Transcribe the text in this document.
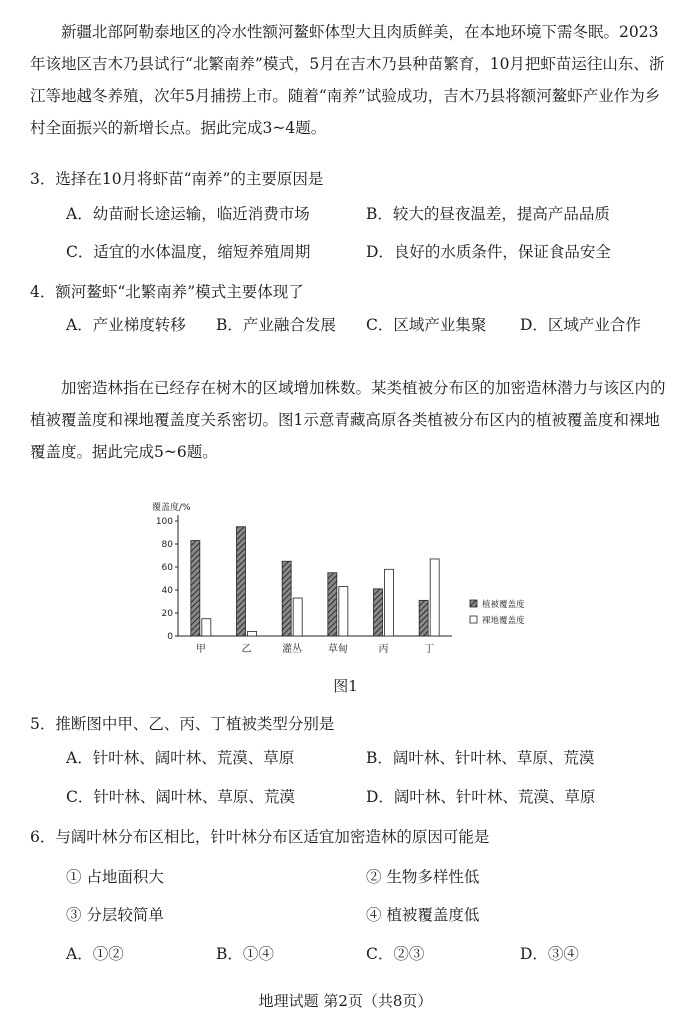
新疆北部阿勒泰地区的冷水性额河鳌虾体型大且肉质鲜美，在本地环境下需冬眠。2023年该地区吉木乃县试行“北繁南养”模式，5月在吉木乃县种苗繁育，10月把虾苗运往山东、浙江等地越冬养殖，次年5月捕捞上市。随着“南养”试验成功，吉木乃县将额河鳌虾产业作为乡村全面振兴的新增长点。据此完成3~4题。

3．选择在10月将虾苗“南养”的主要原因是
A．幼苗耐长途运输，临近消费市场	B．较大的昼夜温差，提高产品品质
C．适宜的水体温度，缩短养殖周期	D．良好的水质条件，保证食品安全
4．额河鳌虾“北繁南养”模式主要体现了
A．产业梯度转移 B．产业融合发展 C．区域产业集聚 D．区域产业合作

加密造林指在已经存在树木的区域增加株数。某类植被分布区的加密造林潜力与该区内的植被覆盖度和裸地覆盖度关系密切。图1示意青藏高原各类植被分布区内的植被覆盖度和裸地覆盖度。据此完成5~6题。

覆盖度/%
0
20
40
60
80
100
甲	乙	灌丛	草甸	丙	丁
植被覆盖度
裸地覆盖度
图1
5．推断图中甲、乙、丙、丁植被类型分别是
A．针叶林、阔叶林、荒漠、草原	B．阔叶林、针叶林、草原、荒漠
C．针叶林、阔叶林、草原、荒漠	D．阔叶林、针叶林、荒漠、草原
6．与阔叶林分布区相比，针叶林分布区适宜加密造林的原因可能是
① 占地面积大	② 生物多样性低
③ 分层较简单	④ 植被覆盖度低
A．①②	B．①④	C．②③	D．③④
地理试题 第2页（共8页）
